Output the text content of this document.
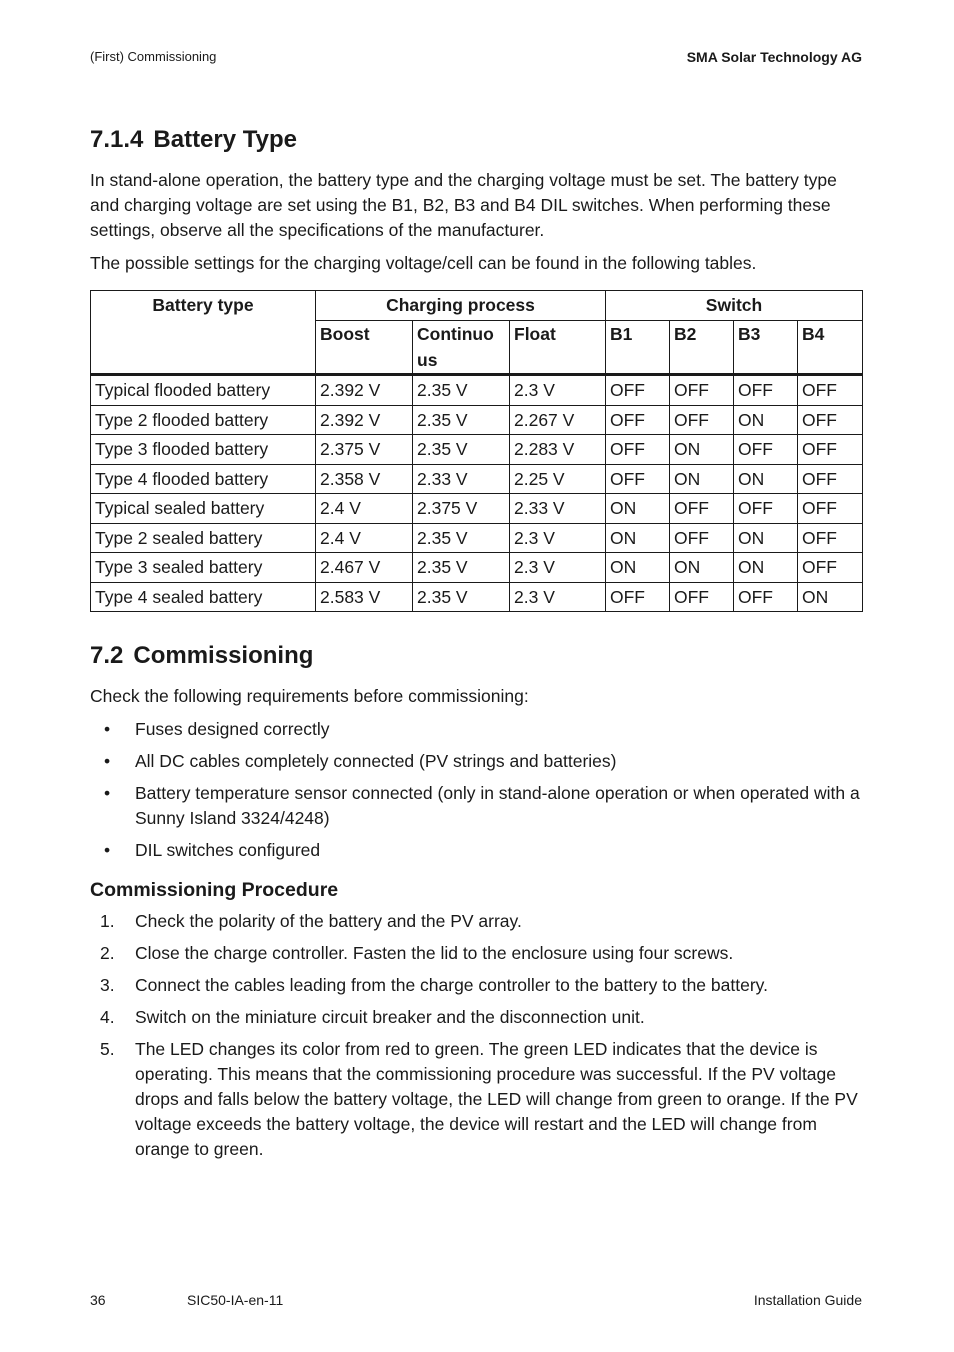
(First) Commissioning	SMA Solar Technology AG
7.1.4 Battery Type

In stand-alone operation, the battery type and the charging voltage must be set. The battery type and charging voltage are set using the B1, B2, B3 and B4 DIL switches. When performing these settings, observe all the specifications of the manufacturer.

The possible settings for the charging voltage/cell can be found in the following tables.

Battery type	Charging process			Switch			
	Boost	Continuo us	Float	B1	B2	B3	B4
Typical flooded battery	2.392 V	2.35 V	2.3 V	OFF	OFF	OFF	OFF
Type 2 flooded battery	2.392 V	2.35 V	2.267 V	OFF	OFF	ON	OFF
Type 3 flooded battery	2.375 V	2.35 V	2.283 V	OFF	ON	OFF	OFF
Type 4 flooded battery	2.358 V	2.33 V	2.25 V	OFF	ON	ON	OFF
Typical sealed battery	2.4 V	2.375 V	2.33 V	ON	OFF	OFF	OFF
Type 2 sealed battery	2.4 V	2.35 V	2.3 V	ON	OFF	ON	OFF
Type 3 sealed battery	2.467 V	2.35 V	2.3 V	ON	ON	ON	OFF
Type 4 sealed battery	2.583 V	2.35 V	2.3 V	OFF	OFF	OFF	ON
7.2 Commissioning

Check the following requirements before commissioning:

• Fuses designed correctly
• All DC cables completely connected (PV strings and batteries)
• Battery temperature sensor connected (only in stand-alone operation or when operated with a Sunny Island 3324/4248)
• DIL switches configured
Commissioning Procedure
1. Check the polarity of the battery and the PV array.
2. Close the charge controller. Fasten the lid to the enclosure using four screws.
3. Connect the cables leading from the charge controller to the battery to the battery.
4. Switch on the miniature circuit breaker and the disconnection unit.
5. The LED changes its color from red to green. The green LED indicates that the device is operating. This means that the commissioning procedure was successful. If the PV voltage drops and falls below the battery voltage, the LED will change from green to orange. If the PV voltage exceeds the battery voltage, the device will restart and the LED will change from orange to green.
36	SIC50-IA-en-11	Installation Guide
